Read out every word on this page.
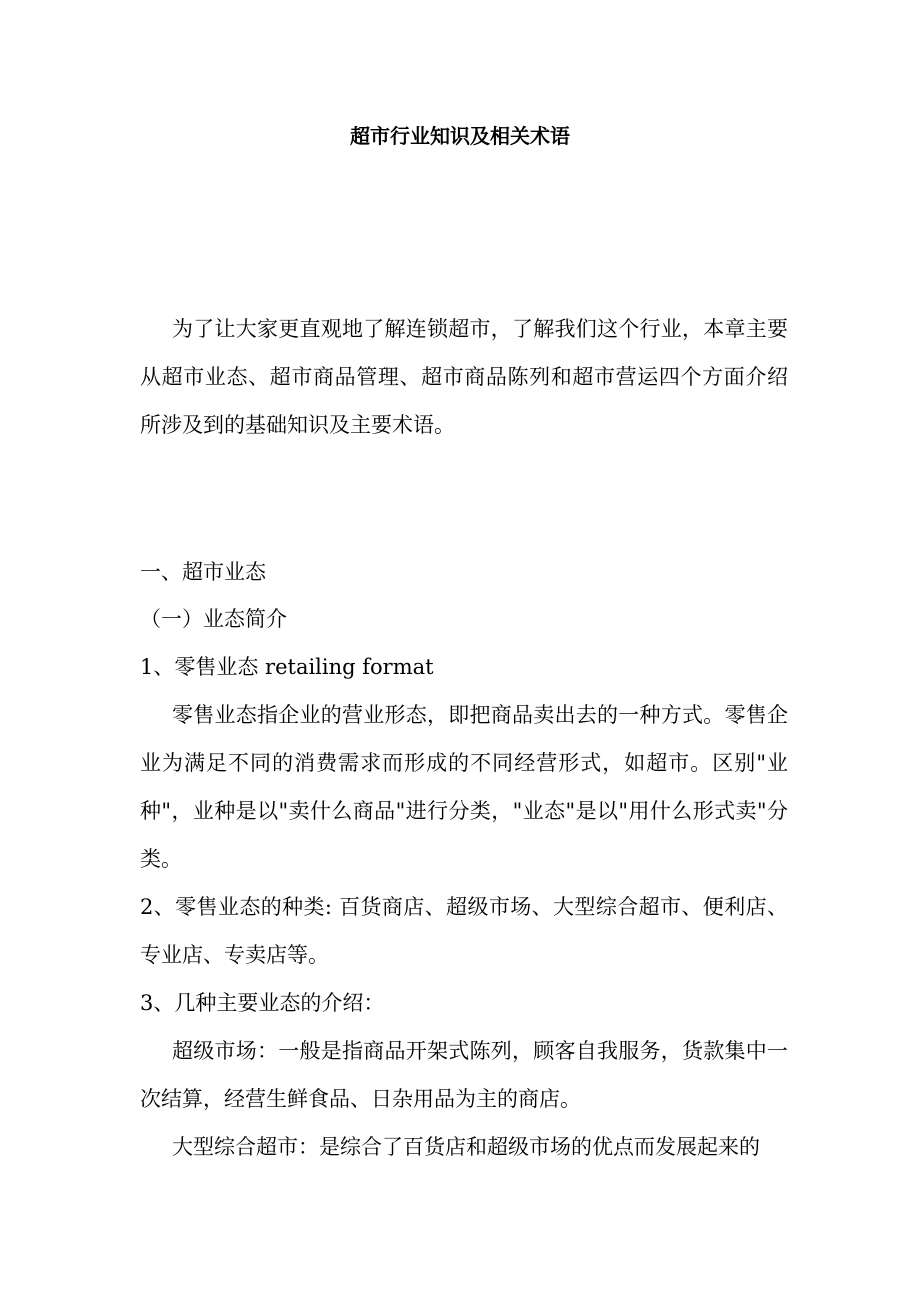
超市行业知识及相关术语
为了让大家更直观地了解连锁超市，了解我们这个行业，本章主要从超市业态、超市商品管理、超市商品陈列和超市营运四个方面介绍所涉及到的基础知识及主要术语。
一、超市业态
（一）业态简介
1、零售业态 retailing format
零售业态指企业的营业形态，即把商品卖出去的一种方式。零售企业为满足不同的消费需求而形成的不同经营形式，如超市。区别"业种"，业种是以"卖什么商品"进行分类，"业态"是以"用什么形式卖"分类。
2、零售业态的种类: 百货商店、超级市场、大型综合超市、便利店、专业店、专卖店等。
3、几种主要业态的介绍：
超级市场：一般是指商品开架式陈列，顾客自我服务，货款集中一次结算，经营生鲜食品、日杂用品为主的商店。
大型综合超市：是综合了百货店和超级市场的优点而发展起来的
